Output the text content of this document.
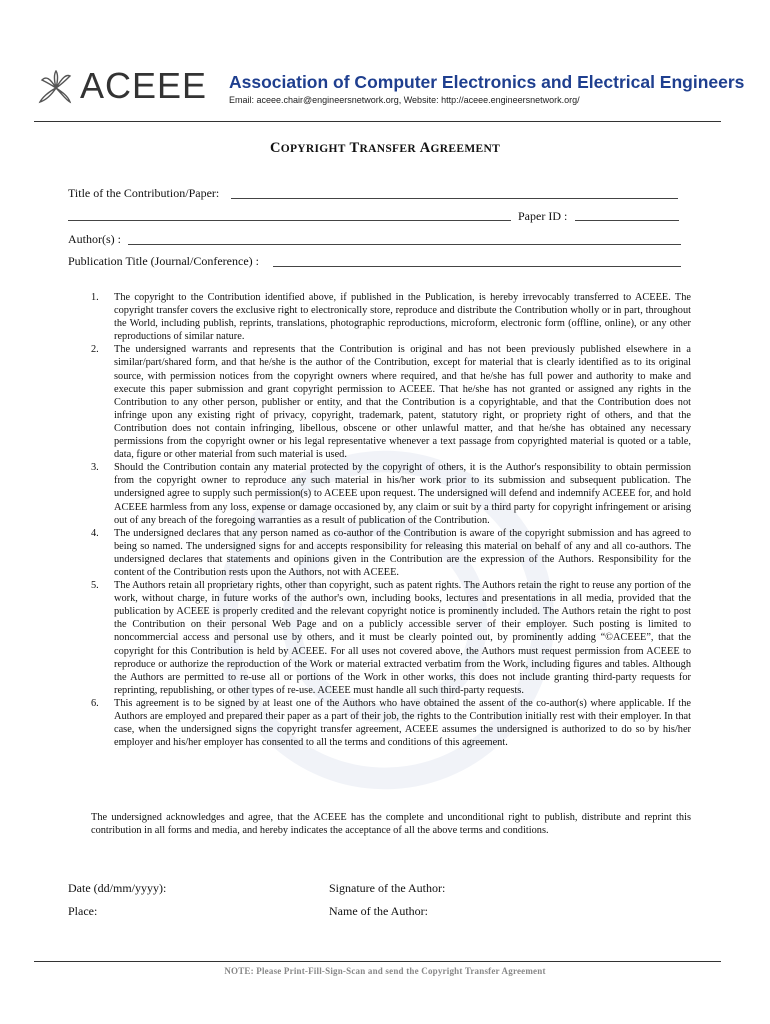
ACEEE Association of Computer Electronics and Electrical Engineers
Email: aceee.chair@engineersnetwork.org, Website: http://aceee.engineersnetwork.org/
COPYRIGHT TRANSFER AGREEMENT
Title of the Contribution/Paper:
Paper ID :
Author(s) :
Publication Title (Journal/Conference) :
1. The copyright to the Contribution identified above, if published in the Publication, is hereby irrevocably transferred to ACEEE. The copyright transfer covers the exclusive right to electronically store, reproduce and distribute the Contribution wholly or in part, throughout the World, including publish, reprints, translations, photographic reproductions, microform, electronic form (offline, online), or any other reproductions of similar nature.
2. The undersigned warrants and represents that the Contribution is original and has not been previously published elsewhere in a similar/part/shared form, and that he/she is the author of the Contribution, except for material that is clearly identified as to its original source, with permission notices from the copyright owners where required, and that he/she has full power and authority to make and execute this paper submission and grant copyright permission to ACEEE. That he/she has not granted or assigned any rights in the Contribution to any other person, publisher or entity, and that the Contribution is a copyrightable, and that the Contribution does not infringe upon any existing right of privacy, copyright, trademark, patent, statutory right, or propriety right of others, and that the Contribution does not contain infringing, libellous, obscene or other unlawful matter, and that he/she has obtained any necessary permissions from the copyright owner or his legal representative whenever a text passage from copyrighted material is quoted or a table, data, figure or other material from such material is used.
3. Should the Contribution contain any material protected by the copyright of others, it is the Author's responsibility to obtain permission from the copyright owner to reproduce any such material in his/her work prior to its submission and subsequent publication. The undersigned agree to supply such permission(s) to ACEEE upon request. The undersigned will defend and indemnify ACEEE for, and hold ACEEE harmless from any loss, expense or damage occasioned by, any claim or suit by a third party for copyright infringement or arising out of any breach of the foregoing warranties as a result of publication of the Contribution.
4. The undersigned declares that any person named as co-author of the Contribution is aware of the copyright submission and has agreed to being so named. The undersigned signs for and accepts responsibility for releasing this material on behalf of any and all co-authors. The undersigned declares that statements and opinions given in the Contribution are the expression of the Authors. Responsibility for the content of the Contribution rests upon the Authors, not with ACEEE.
5. The Authors retain all proprietary rights, other than copyright, such as patent rights. The Authors retain the right to reuse any portion of the work, without charge, in future works of the author's own, including books, lectures and presentations in all media, provided that the publication by ACEEE is properly credited and the relevant copyright notice is prominently included. The Authors retain the right to post the Contribution on their personal Web Page and on a publicly accessible server of their employer. Such posting is limited to noncommercial access and personal use by others, and it must be clearly pointed out, by prominently adding “©ACEEE”, that the copyright for this Contribution is held by ACEEE. For all uses not covered above, the Authors must request permission from ACEEE to reproduce or authorize the reproduction of the Work or material extracted verbatim from the Work, including figures and tables. Although the Authors are permitted to re-use all or portions of the Work in other works, this does not include granting third-party requests for reprinting, republishing, or other types of re-use. ACEEE must handle all such third-party requests.
6. This agreement is to be signed by at least one of the Authors who have obtained the assent of the co-author(s) where applicable. If the Authors are employed and prepared their paper as a part of their job, the rights to the Contribution initially rest with their employer. In that case, when the undersigned signs the copyright transfer agreement, ACEEE assumes the undersigned is authorized to do so by his/her employer and his/her employer has consented to all the terms and conditions of this agreement.
The undersigned acknowledges and agree, that the ACEEE has the complete and unconditional right to publish, distribute and reprint this contribution in all forms and media, and hereby indicates the acceptance of all the above terms and conditions.
Date (dd/mm/yyyy):
Place:
Signature of the Author:
Name of the Author:
NOTE: Please Print-Fill-Sign-Scan and send the Copyright Transfer Agreement
